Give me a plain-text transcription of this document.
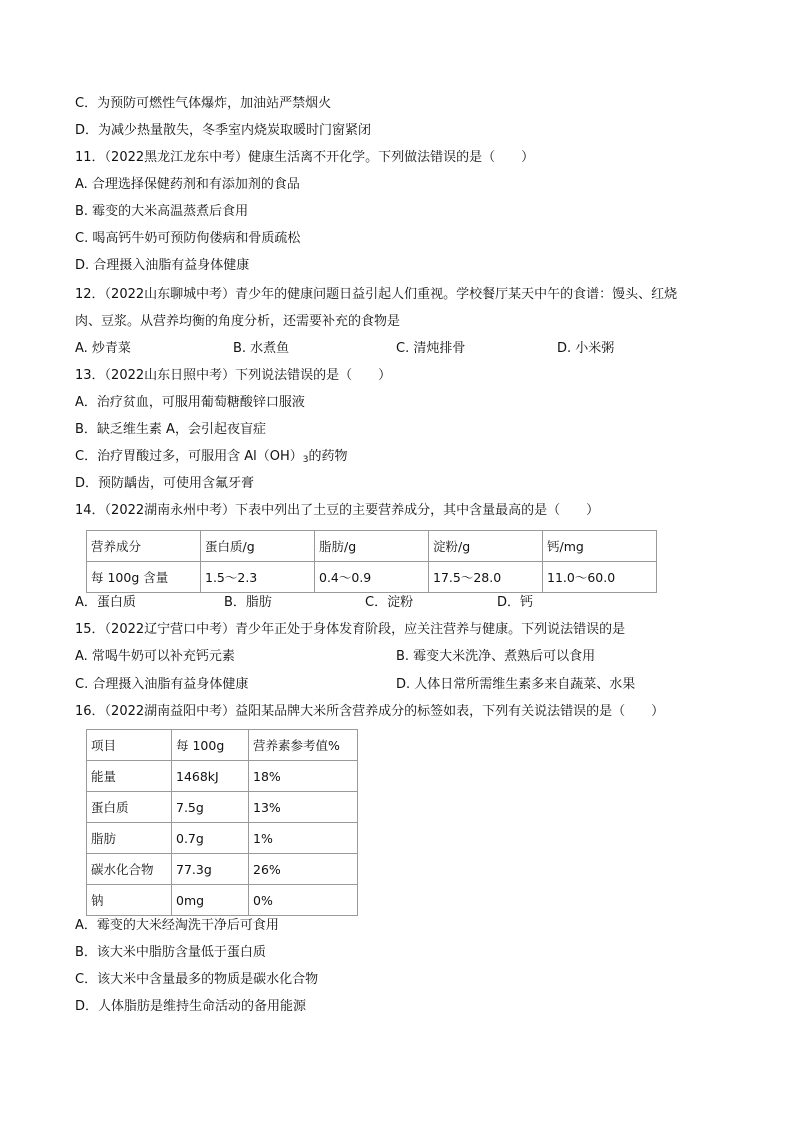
C．为预防可燃性气体爆炸，加油站严禁烟火
D．为减少热量散失，冬季室内烧炭取暖时门窗紧闭
11．（2022黑龙江龙东中考）健康生活离不开化学。下列做法错误的是（　　）
A. 合理选择保健药剂和有添加剂的食品
B. 霉变的大米高温蒸煮后食用
C. 喝高钙牛奶可预防佝偻病和骨质疏松
D. 合理摄入油脂有益身体健康
12．（2022山东聊城中考）青少年的健康问题日益引起人们重视。学校餐厅某天中午的食谱：馒头、红烧
肉、豆浆。从营养均衡的角度分析，还需要补充的食物是
A. 炒青菜	B. 水煮鱼	C. 清炖排骨	D. 小米粥
13．（2022山东日照中考）下列说法错误的是（　　）
A．治疗贫血，可服用葡萄糖酸锌口服液
B．缺乏维生素 A，会引起夜盲症
C．治疗胃酸过多，可服用含 $Al(OH)_3$的药物
D．预防龋齿，可使用含氟牙膏
14．（2022湖南永州中考）下表中列出了土豆的主要营养成分，其中含量最高的是（　　）
营养成分	蛋白质/g	脂肪/g	淀粉/g	钙/mg
每 100g 含量	1.5～2.3	0.4～0.9	17.5～28.0	11.0～60.0
A．蛋白质	B．脂肪	C．淀粉	D．钙
15．（2022辽宁营口中考）青少年正处于身体发育阶段，应关注营养与健康。下列说法错误的是
A. 常喝牛奶可以补充钙元素	B. 霉变大米洗净、煮熟后可以食用
C. 合理摄入油脂有益身体健康	D. 人体日常所需维生素多来自蔬菜、水果
16．（2022湖南益阳中考）益阳某品牌大米所含营养成分的标签如表，下列有关说法错误的是（　　）
项目	每 100g	营养素参考值%
能量	1468kJ	18%
蛋白质	7.5g	13%
脂肪	0.7g	1%
碳水化合物	77.3g	26%
钠	0mg	0%
A．霉变的大米经淘洗干净后可食用
B．该大米中脂肪含量低于蛋白质
C．该大米中含量最多的物质是碳水化合物
D．人体脂肪是维持生命活动的备用能源
